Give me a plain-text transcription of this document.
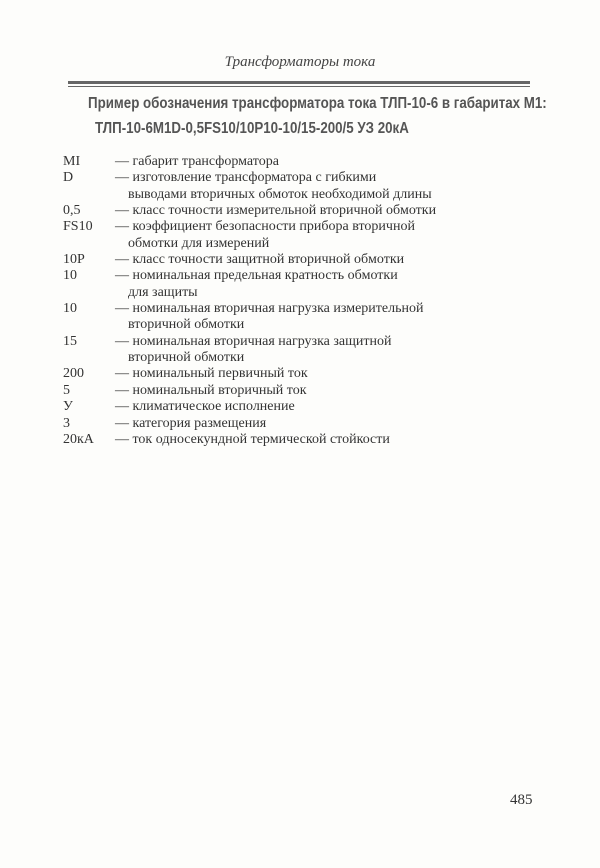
Трансформаторы тока
Пример обозначения трансформатора тока ТЛП-10-6 в габаритах М1:
ТЛП-10-6М1D-0,5FS10/10P10-10/15-200/5 УЗ 20кА
MI	— габарит трансформатора
D	— изготовление трансформатора с гибкими
выводами вторичных обмоток необходимой длины
0,5	— класс точности измерительной вторичной обмотки
FS10	— коэффициент безопасности прибора вторичной
обмотки для измерений
10P	— класс точности защитной вторичной обмотки
10	— номинальная предельная кратность обмотки
для защиты
10	— номинальная вторичная нагрузка измерительной
вторичной обмотки
15	— номинальная вторичная нагрузка защитной
вторичной обмотки
200	— номинальный первичный ток
5	— номинальный вторичный ток
У	— климатическое исполнение
3	— категория размещения
20кА	— ток односекундной термической стойкости
485
